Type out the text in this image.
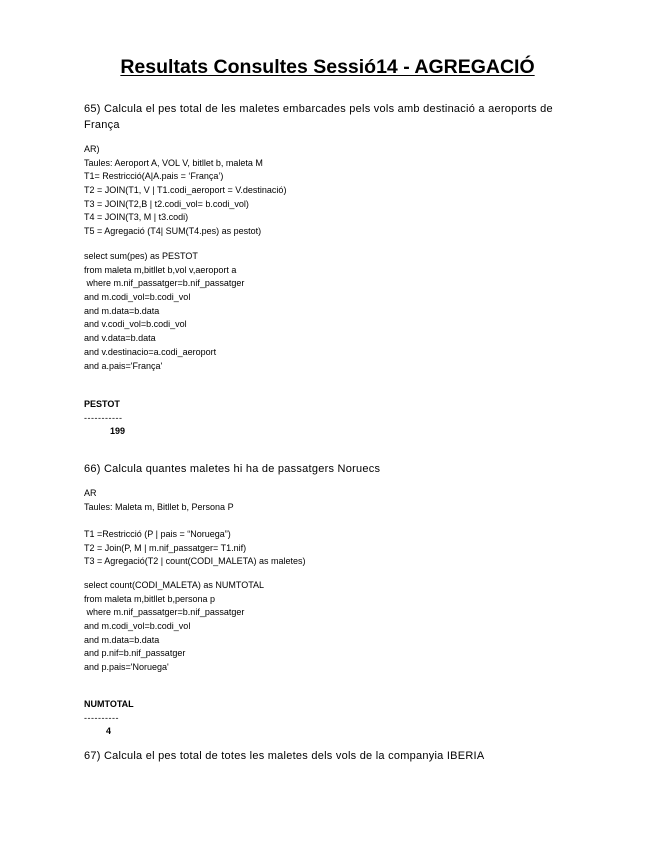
Resultats Consultes Sessió14 - AGREGACIÓ
65) Calcula el pes total de les maletes embarcades pels vols amb destinació a aeroports de
França
AR)
Taules: Aeroport A, VOL V, bitllet b, maleta M
T1= Restricció(A|A.pais = ‘França’)
T2 = JOIN(T1, V | T1.codi_aeroport = V.destinació)
T3 = JOIN(T2,B | t2.codi_vol= b.codi_vol)
T4 = JOIN(T3, M | t3.codi)
T5 = Agregació (T4| SUM(T4.pes) as pestot)
select sum(pes) as PESTOT
from maleta m,bitllet b,vol v,aeroport a
where m.nif_passatger=b.nif_passatger
and m.codi_vol=b.codi_vol
and m.data=b.data
and v.codi_vol=b.codi_vol
and v.data=b.data
and v.destinacio=a.codi_aeroport
and a.pais='França'
PESTOT
-----------
199
66) Calcula quantes maletes hi ha de passatgers Noruecs
AR
Taules: Maleta m, Bitllet b, Persona P
T1 =Restricció (P | pais = “Noruega”)
T2 = Join(P, M | m.nif_passatger= T1.nif)
T3 = Agregació(T2 | count(CODI_MALETA) as maletes)
select count(CODI_MALETA) as NUMTOTAL
from maleta m,bitllet b,persona p
where m.nif_passatger=b.nif_passatger
and m.codi_vol=b.codi_vol
and m.data=b.data
and p.nif=b.nif_passatger
and p.pais='Noruega'
NUMTOTAL
----------
4
67) Calcula el pes total de totes les maletes dels vols de la companyia IBERIA
